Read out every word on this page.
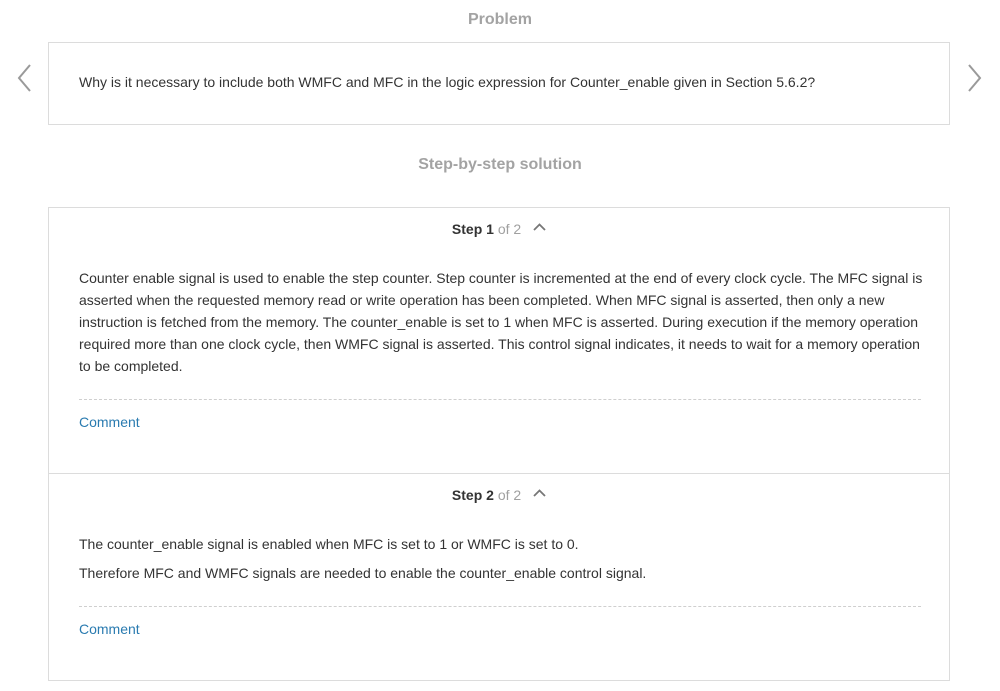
Problem
Why is it necessary to include both WMFC and MFC in the logic expression for Counter_enable given in Section 5.6.2?
Step-by-step solution
Step 1 of 2

Counter enable signal is used to enable the step counter. Step counter is incremented at the end of every clock cycle. The MFC signal is asserted when the requested memory read or write operation has been completed. When MFC signal is asserted, then only a new instruction is fetched from the memory. The counter_enable is set to 1 when MFC is asserted. During execution if the memory operation required more than one clock cycle, then WMFC signal is asserted. This control signal indicates, it needs to wait for a memory operation to be completed.

Comment
Step 2 of 2

The counter_enable signal is enabled when MFC is set to 1 or WMFC is set to 0.

Therefore MFC and WMFC signals are needed to enable the counter_enable control signal.

Comment
